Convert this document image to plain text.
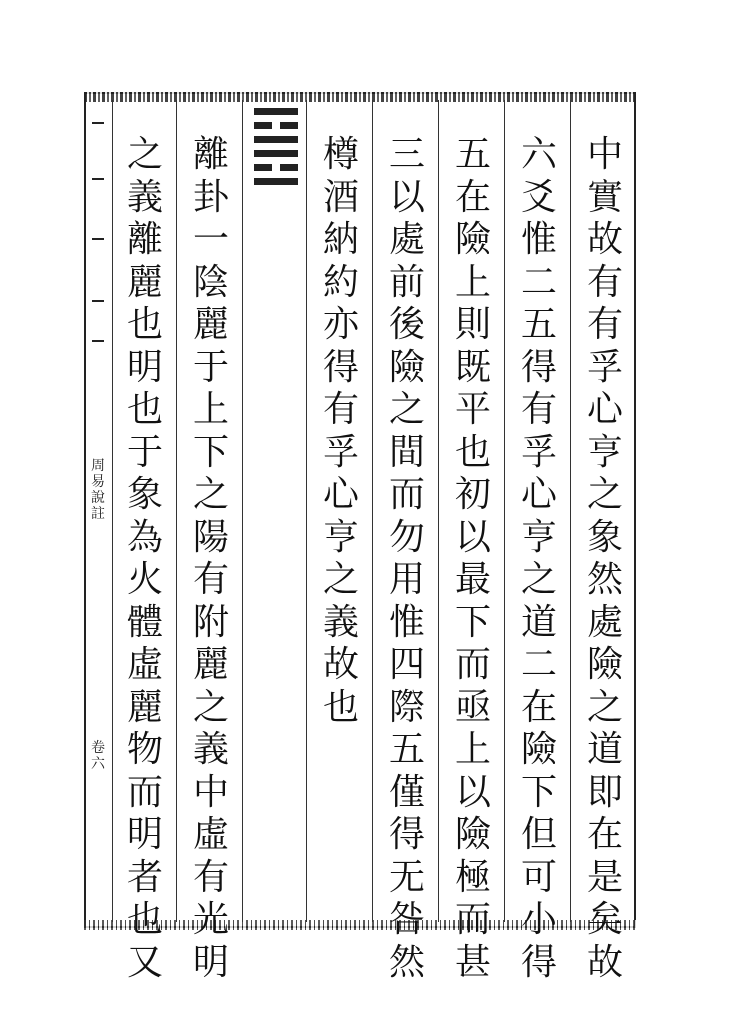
周
易
說
註
卷
六
中
實
故
有
有
孚
心
亨
之
象
然
處
險
之
道
即
在
是
矣
故
六
爻
惟
二
五
得
有
孚
心
亨
之
道
二
在
險
下
但
可
小
得
五
在
險
上
則
既
平
也
初
以
最
下
而
亟
上
以
險
極
而
甚
三
以
處
前
後
險
之
間
而
勿
用
惟
四
際
五
僅
得
无
咎
然
樽
酒
納
約
亦
得
有
孚
心
亨
之
義
故
也
離
卦
一
陰
麗
于
上
下
之
陽
有
附
麗
之
義
中
虛
有
光
明
之
義
離
麗
也
明
也
于
象
為
火
體
虛
麗
物
而
明
者
也
又
